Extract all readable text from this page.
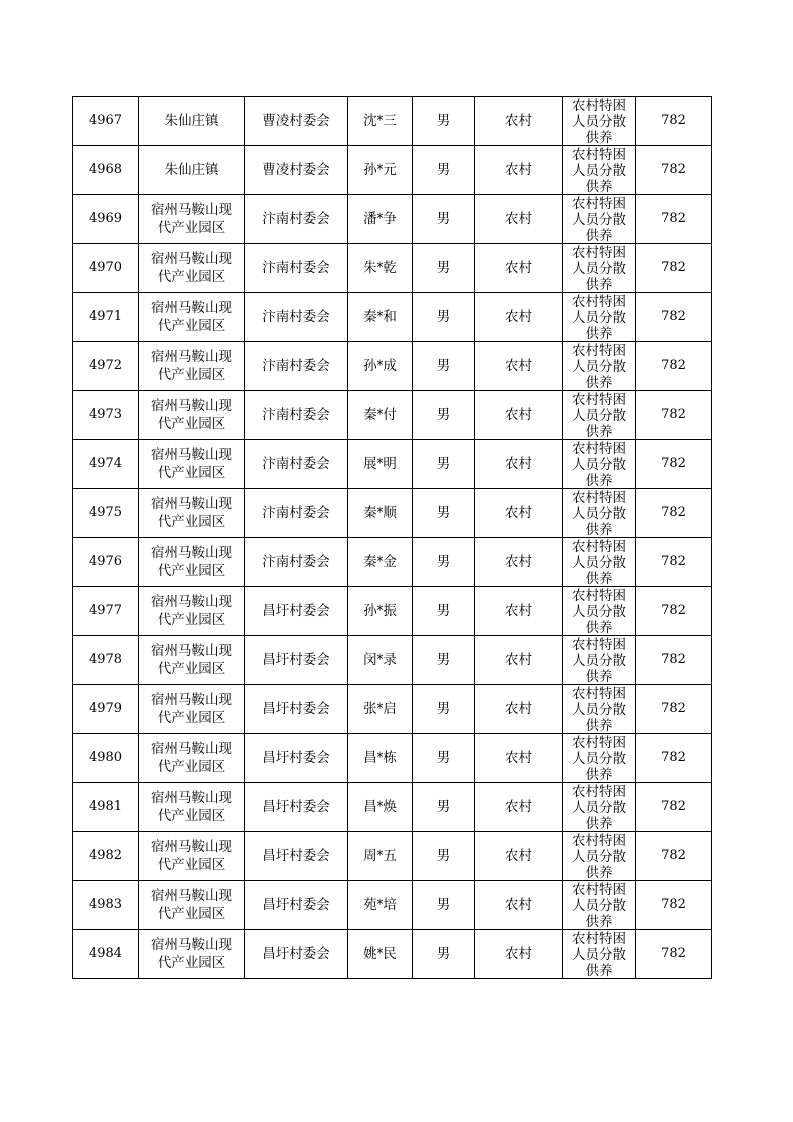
4967	朱仙庄镇	曹凌村委会	沈*三	男	农村	农村特困人员分散供养	782

4968	朱仙庄镇	曹凌村委会	孙*元	男	农村	农村特困人员分散供养	782

4969	宿州马鞍山现代产业园区	汴南村委会	潘*争	男	农村	农村特困人员分散供养	782

4970	宿州马鞍山现代产业园区	汴南村委会	朱*乾	男	农村	农村特困人员分散供养	782

4971	宿州马鞍山现代产业园区	汴南村委会	秦*和	男	农村	农村特困人员分散供养	782

4972	宿州马鞍山现代产业园区	汴南村委会	孙*成	男	农村	农村特困人员分散供养	782

4973	宿州马鞍山现代产业园区	汴南村委会	秦*付	男	农村	农村特困人员分散供养	782

4974	宿州马鞍山现代产业园区	汴南村委会	展*明	男	农村	农村特困人员分散供养	782

4975	宿州马鞍山现代产业园区	汴南村委会	秦*顺	男	农村	农村特困人员分散供养	782

4976	宿州马鞍山现代产业园区	汴南村委会	秦*金	男	农村	农村特困人员分散供养	782

4977	宿州马鞍山现代产业园区	昌圩村委会	孙*振	男	农村	农村特困人员分散供养	782

4978	宿州马鞍山现代产业园区	昌圩村委会	闵*录	男	农村	农村特困人员分散供养	782

4979	宿州马鞍山现代产业园区	昌圩村委会	张*启	男	农村	农村特困人员分散供养	782

4980	宿州马鞍山现代产业园区	昌圩村委会	昌*栋	男	农村	农村特困人员分散供养	782

4981	宿州马鞍山现代产业园区	昌圩村委会	昌*焕	男	农村	农村特困人员分散供养	782

4982	宿州马鞍山现代产业园区	昌圩村委会	周*五	男	农村	农村特困人员分散供养	782

4983	宿州马鞍山现代产业园区	昌圩村委会	苑*培	男	农村	农村特困人员分散供养	782

4984	宿州马鞍山现代产业园区	昌圩村委会	姚*民	男	农村	农村特困人员分散供养	782
